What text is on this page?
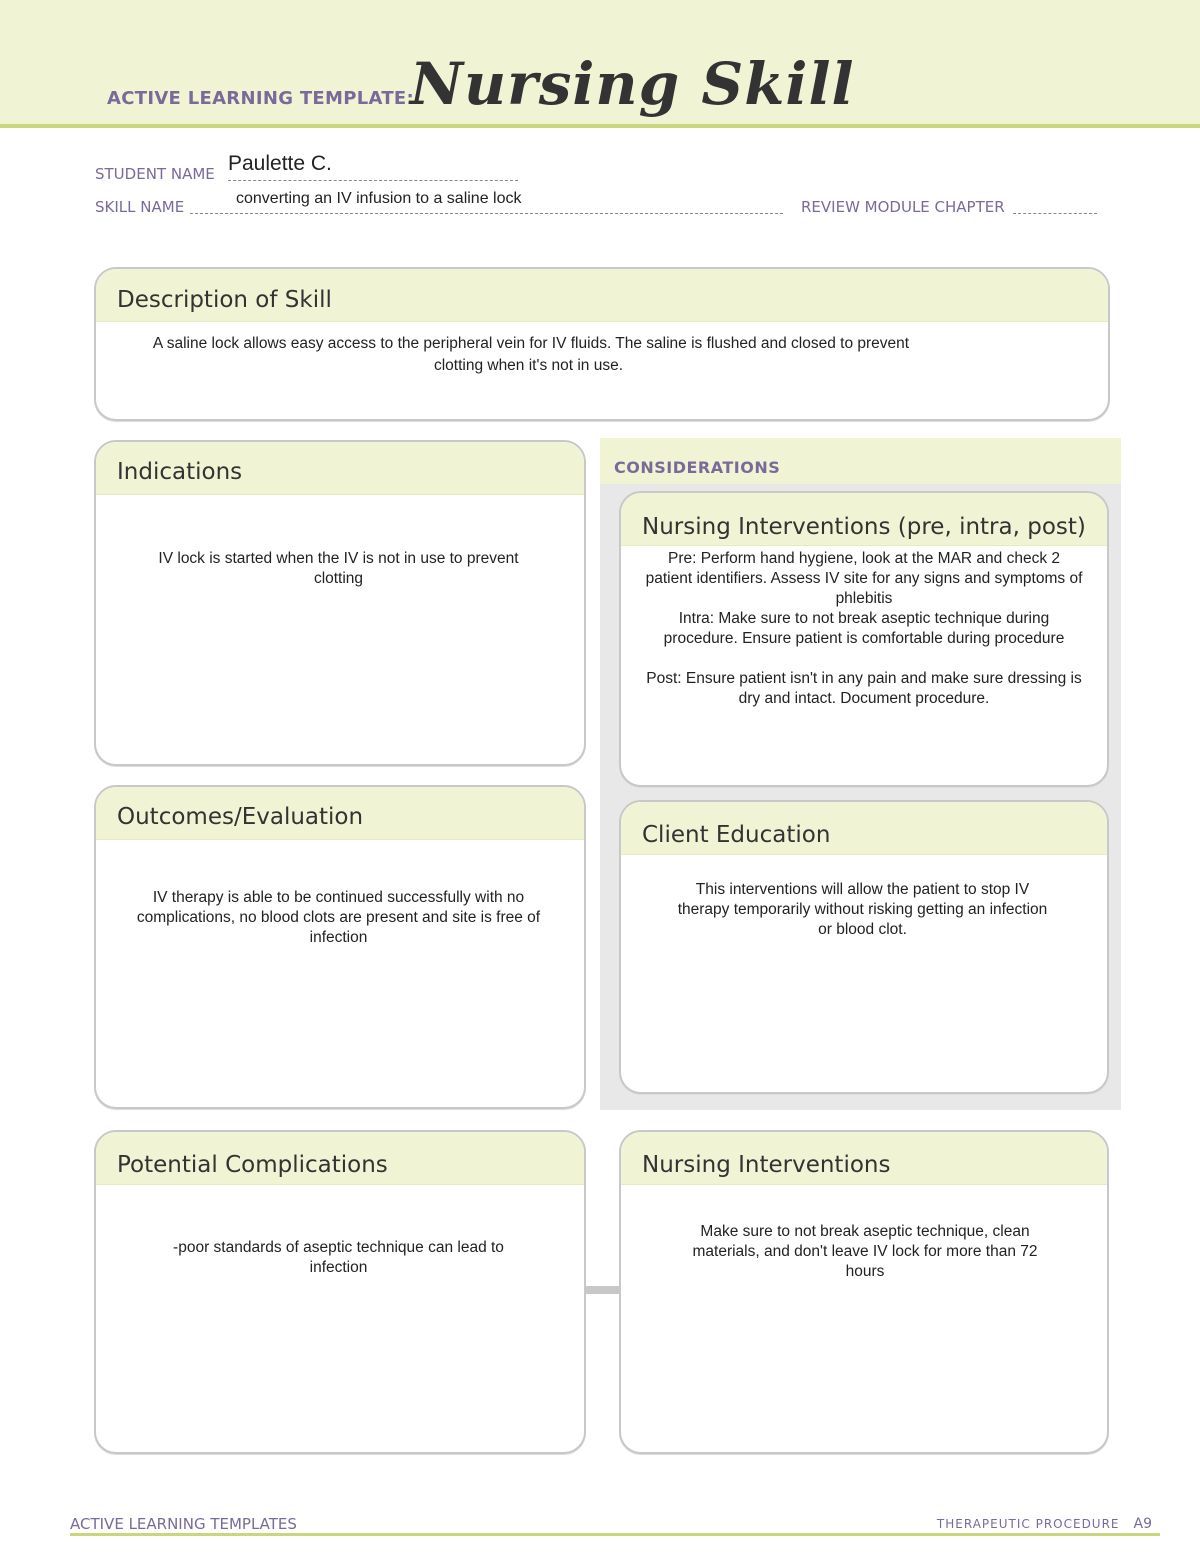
ACTIVE LEARNING TEMPLATE:
Nursing Skill
STUDENT NAME Paulette C.
SKILL NAME	converting an IV infusion to a saline lock	REVIEW MODULE CHAPTER
Description of Skill
A saline lock allows easy access to the peripheral vein for IV fluids. The saline is flushed and closed to prevent
clotting when it's not in use.
CONSIDERATIONS
Indications
IV lock is started when the IV is not in use to prevent clotting
Nursing Interventions (pre, intra, post)
Pre: Perform hand hygiene, look at the MAR and check 2 patient identifiers. Assess IV site for any signs and symptoms of phlebitis
Intra: Make sure to not break aseptic technique during procedure. Ensure patient is comfortable during procedure
Post: Ensure patient isn't in any pain and make sure dressing is dry and intact. Document procedure.
Outcomes/Evaluation
IV therapy is able to be continued successfully with no complications, no blood clots are present and site is free of infection
Client Education
This interventions will allow the patient to stop IV therapy temporarily without risking getting an infection or blood clot.
Potential Complications
-poor standards of aseptic technique can lead to infection
Nursing Interventions
Make sure to not break aseptic technique, clean materials, and don't leave IV lock for more than 72 hours
ACTIVE LEARNING TEMPLATES	THERAPEUTIC PROCEDURE A9
